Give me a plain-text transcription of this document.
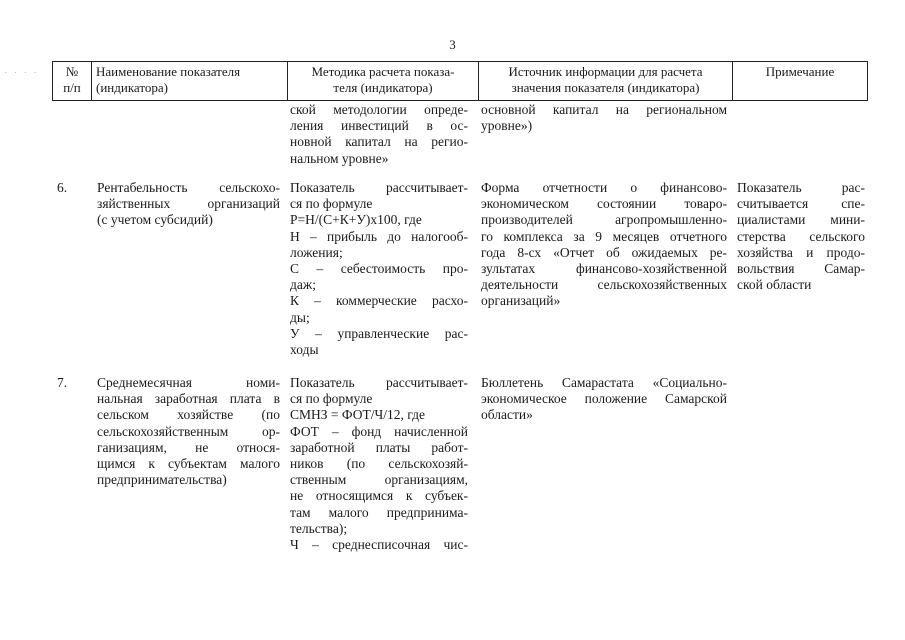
3
· · · ·	№
п/п
Наименование показателя
(индикатора)
Методика расчета показа-
теля (индикатора)
Источник информации для расчета
значения показателя (индикатора)
Примечание
ской методологии опреде-
ления инвестиций в ос-
новной капитал на регио-
нальном уровне»
основной капитал на региональном
уровне»)
6. Рентабельность сельскохо-
зяйственных организаций
(с учетом субсидий)
Показатель рассчитывает-
ся по формуле
Р=Н/(С+К+У)х100, где
Н – прибыль до налогооб-
ложения;
С – себестоимость про-
даж;
К – коммерческие расхо-
ды;
У – управленческие рас-
ходы
Форма отчетности о финансово-
экономическом состоянии товаро-
производителей агропромышленно-
го комплекса за 9 месяцев отчетного
года 8-сх «Отчет об ожидаемых ре-
зультатах финансово-хозяйственной
деятельности сельскохозяйственных
организаций»
Показатель рас-
считывается спе-
циалистами мини-
стерства сельского
хозяйства и продо-
вольствия Самар-
ской области
7. Среднемесячная номи-
нальная заработная плата в
сельском хозяйстве (по
сельскохозяйственным ор-
ганизациям, не относя-
щимся к субъектам малого
предпринимательства)
Показатель рассчитывает-
ся по формуле
СМНЗ = ФОТ/Ч/12, где
ФОТ – фонд начисленной
заработной платы работ-
ников (по сельскохозяй-
ственным организациям,
не относящимся к субъек-
там малого предпринима-
тельства);
Ч – среднесписочная чис-
Бюллетень Самарастата «Социально-
экономическое положение Самарской
области»
